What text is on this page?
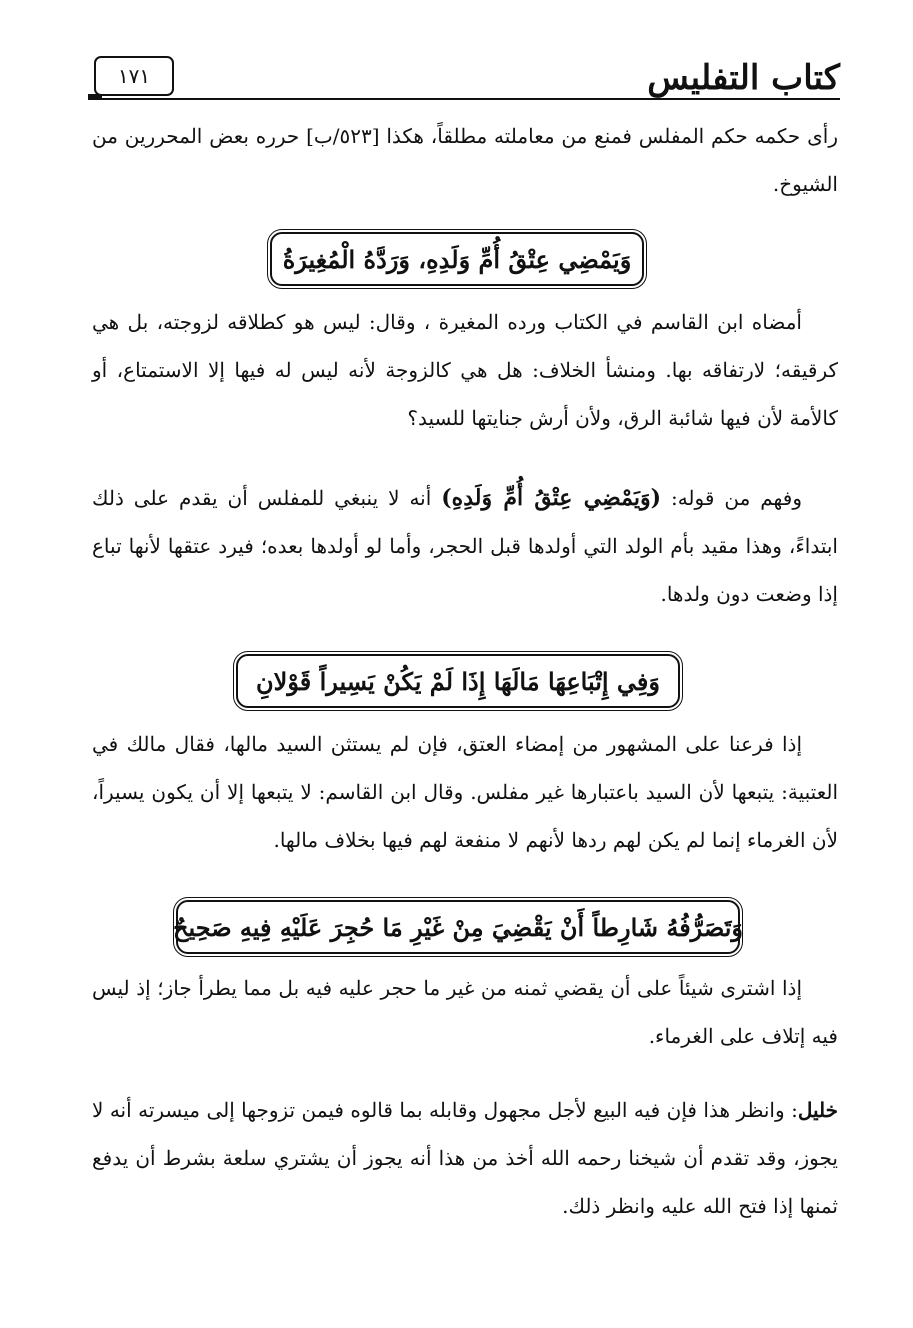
كتاب التفليس
١٧١

رأى حكمه حكم المفلس فمنع من معاملته مطلقاً، هكذا [٥٢٣/ب] حرره بعض المحررين من الشيوخ.

وَيَمْضِي عِتْقُ أُمِّ وَلَدِهِ، وَرَدَّهُ الْمُغِيرَةُ

أمضاه ابن القاسم في الكتاب ورده المغيرة ، وقال: ليس هو كطلاقه لزوجته، بل هي كرقيقه؛ لارتفاقه بها. ومنشأ الخلاف: هل هي كالزوجة لأنه ليس له فيها إلا الاستمتاع، أو كالأمة لأن فيها شائبة الرق، ولأن أرش جنايتها للسيد؟

وفهم من قوله: (وَيَمْضِي عِتْقُ أُمِّ وَلَدِهِ) أنه لا ينبغي للمفلس أن يقدم على ذلك ابتداءً، وهذا مقيد بأم الولد التي أولدها قبل الحجر، وأما لو أولدها بعده؛ فيرد عتقها لأنها تباع إذا وضعت دون ولدها.

وَفِي إِتْبَاعِهَا مَالَهَا إِذَا لَمْ يَكُنْ يَسِيراً قَوْلانِ

إذا فرعنا على المشهور من إمضاء العتق، فإن لم يستثن السيد مالها، فقال مالك في العتبية: يتبعها لأن السيد باعتبارها غير مفلس. وقال ابن القاسم: لا يتبعها إلا أن يكون يسيراً، لأن الغرماء إنما لم يكن لهم ردها لأنهم لا منفعة لهم فيها بخلاف مالها.

وَتَصَرُّفُهُ شَارِطاً أَنْ يَقْضِيَ مِنْ غَيْرِ مَا حُجِرَ عَلَيْهِ فِيهِ صَحِيحٌ

إذا اشترى شيئاً على أن يقضي ثمنه من غير ما حجر عليه فيه بل مما يطرأ جاز؛ إذ ليس فيه إتلاف على الغرماء.

خليل: وانظر هذا فإن فيه البيع لأجل مجهول وقابله بما قالوه فيمن تزوجها إلى ميسرته أنه لا يجوز، وقد تقدم أن شيخنا رحمه الله أخذ من هذا أنه يجوز أن يشتري سلعة بشرط أن يدفع ثمنها إذا فتح الله عليه وانظر ذلك.
